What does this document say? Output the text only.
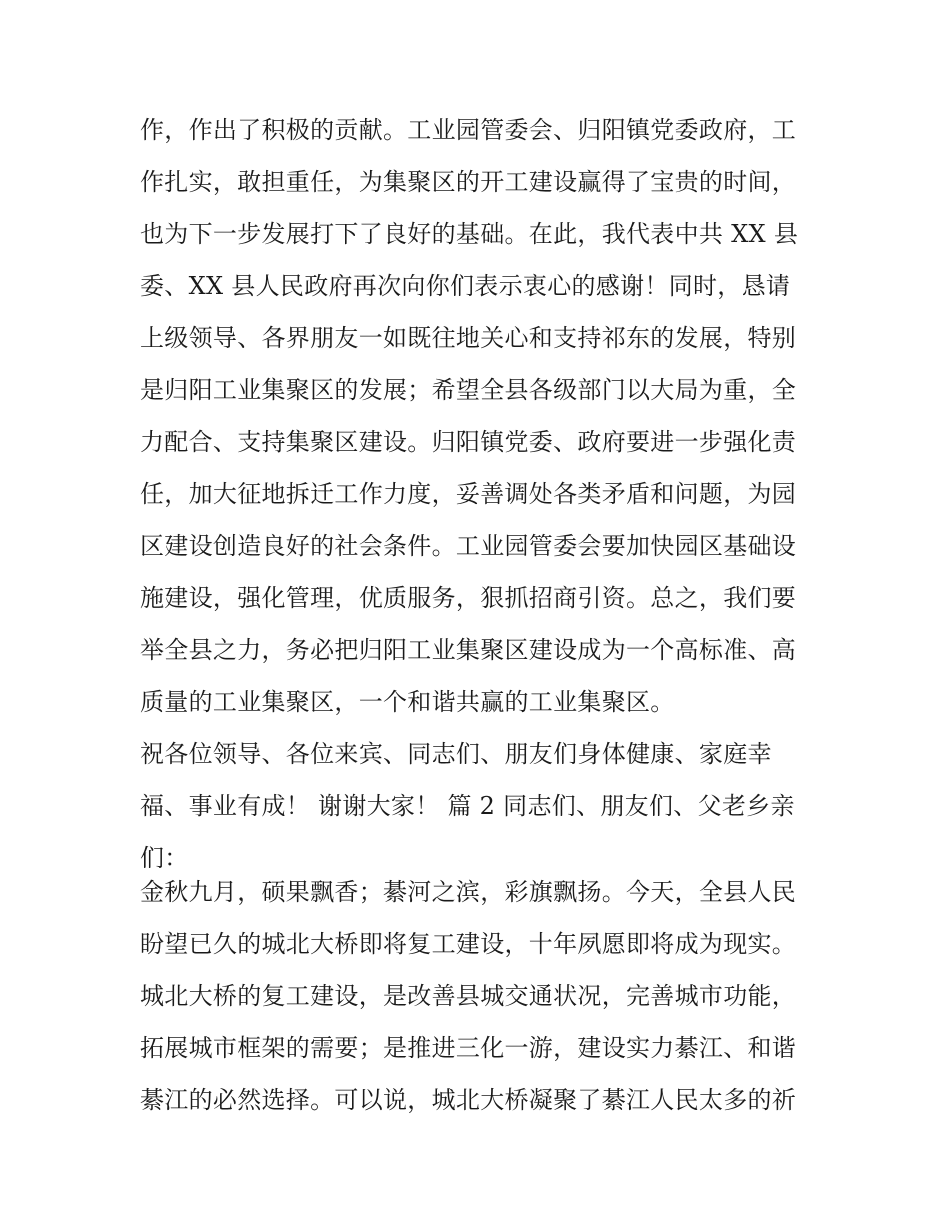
作，作出了积极的贡献。工业园管委会、归阳镇党委政府，工
作扎实，敢担重任，为集聚区的开工建设赢得了宝贵的时间，
也为下一步发展打下了良好的基础。在此，我代表中共 XX 县
委、XX 县人民政府再次向你们表示衷心的感谢！同时，恳请
上级领导、各界朋友一如既往地关心和支持祁东的发展，特别
是归阳工业集聚区的发展；希望全县各级部门以大局为重，全
力配合、支持集聚区建设。归阳镇党委、政府要进一步强化责
任，加大征地拆迁工作力度，妥善调处各类矛盾和问题，为园
区建设创造良好的社会条件。工业园管委会要加快园区基础设
施建设，强化管理，优质服务，狠抓招商引资。总之，我们要
举全县之力，务必把归阳工业集聚区建设成为一个高标准、高
质量的工业集聚区，一个和谐共赢的工业集聚区。
祝各位领导、各位来宾、同志们、朋友们身体健康、家庭幸
福、事业有成！ 谢谢大家！ 篇 2 同志们、朋友们、父老乡亲
们：
金秋九月，硕果飘香；綦河之滨，彩旗飘扬。今天，全县人民
盼望已久的城北大桥即将复工建设，十年夙愿即将成为现实。
城北大桥的复工建设，是改善县城交通状况，完善城市功能，
拓展城市框架的需要；是推进三化一游，建设实力綦江、和谐
綦江的必然选择。可以说，城北大桥凝聚了綦江人民太多的祈
